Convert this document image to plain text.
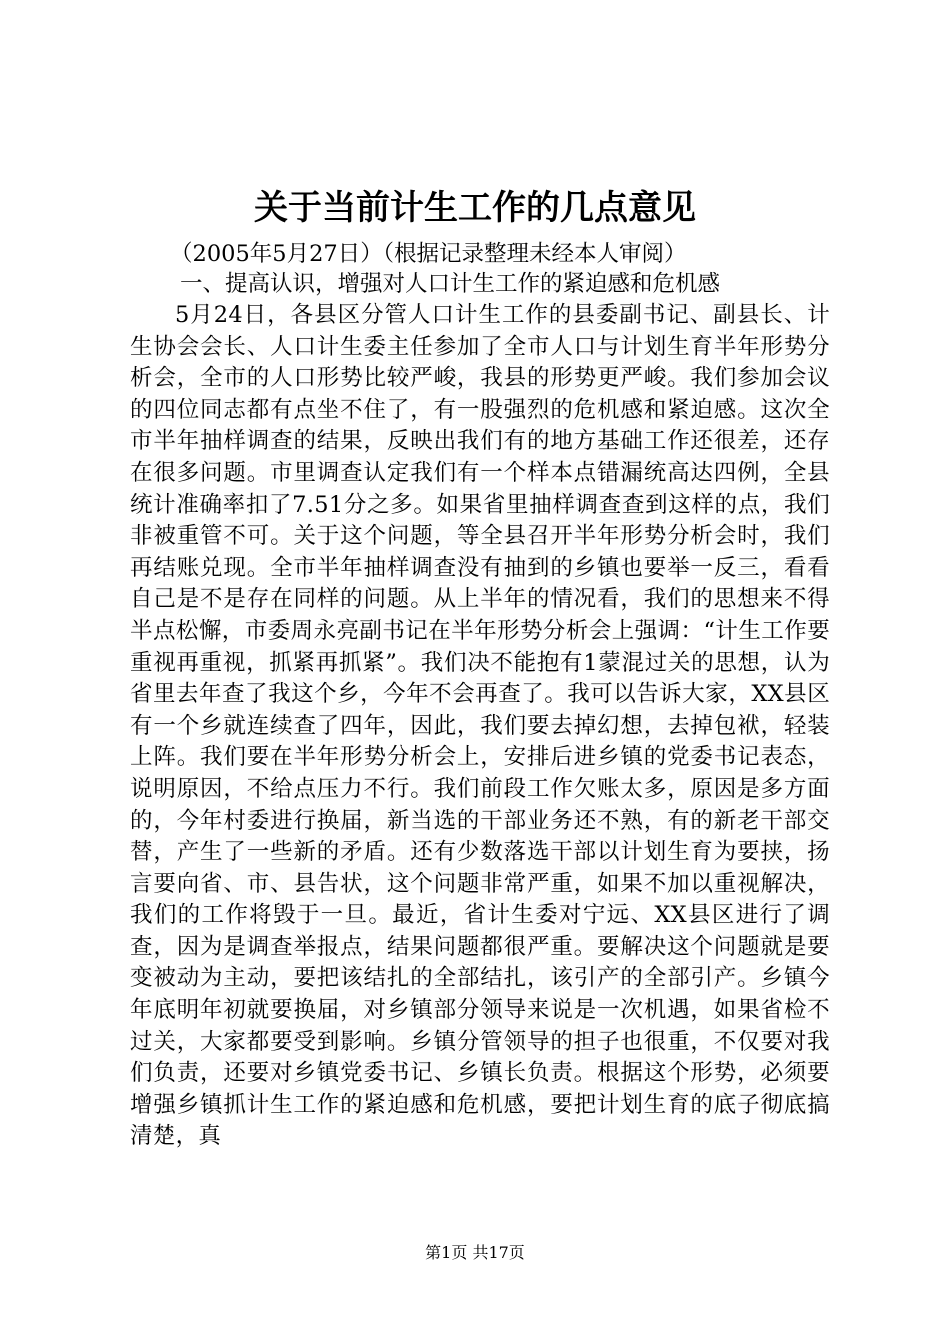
关于当前计生工作的几点意见
（2005年5月27日）（根据记录整理未经本人审阅）
一、提高认识，增强对人口计生工作的紧迫感和危机感
5月24日，各县区分管人口计生工作的县委副书记、副县长、计生协会会长、人口计生委主任参加了全市人口与计划生育半年形势分析会，全市的人口形势比较严峻，我县的形势更严峻。我们参加会议的四位同志都有点坐不住了，有一股强烈的危机感和紧迫感。这次全市半年抽样调查的结果，反映出我们有的地方基础工作还很差，还存在很多问题。市里调查认定我们有一个样本点错漏统高达四例，全县统计准确率扣了7.51分之多。如果省里抽样调查查到这样的点，我们非被重管不可。关于这个问题，等全县召开半年形势分析会时，我们再结账兑现。全市半年抽样调查没有抽到的乡镇也要举一反三，看看自己是不是存在同样的问题。从上半年的情况看，我们的思想来不得半点松懈，市委周永亮副书记在半年形势分析会上强调：“计生工作要重视再重视，抓紧再抓紧”。我们决不能抱有1蒙混过关的思想，认为省里去年查了我这个乡，今年不会再查了。我可以告诉大家，XX县区有一个乡就连续查了四年，因此，我们要去掉幻想，去掉包袱，轻装上阵。我们要在半年形势分析会上，安排后进乡镇的党委书记表态，说明原因，不给点压力不行。我们前段工作欠账太多，原因是多方面的，今年村委进行换届，新当选的干部业务还不熟，有的新老干部交替，产生了一些新的矛盾。还有少数落选干部以计划生育为要挟，扬言要向省、市、县告状，这个问题非常严重，如果不加以重视解决，我们的工作将毁于一旦。最近，省计生委对宁远、XX县区进行了调查，因为是调查举报点，结果问题都很严重。要解决这个问题就是要变被动为主动，要把该结扎的全部结扎，该引产的全部引产。乡镇今年底明年初就要换届，对乡镇部分领导来说是一次机遇，如果省检不过关，大家都要受到影响。乡镇分管领导的担子也很重，不仅要对我们负责，还要对乡镇党委书记、乡镇长负责。根据这个形势，必须要增强乡镇抓计生工作的紧迫感和危机感，要把计划生育的底子彻底搞清楚，真
第1页 共17页
